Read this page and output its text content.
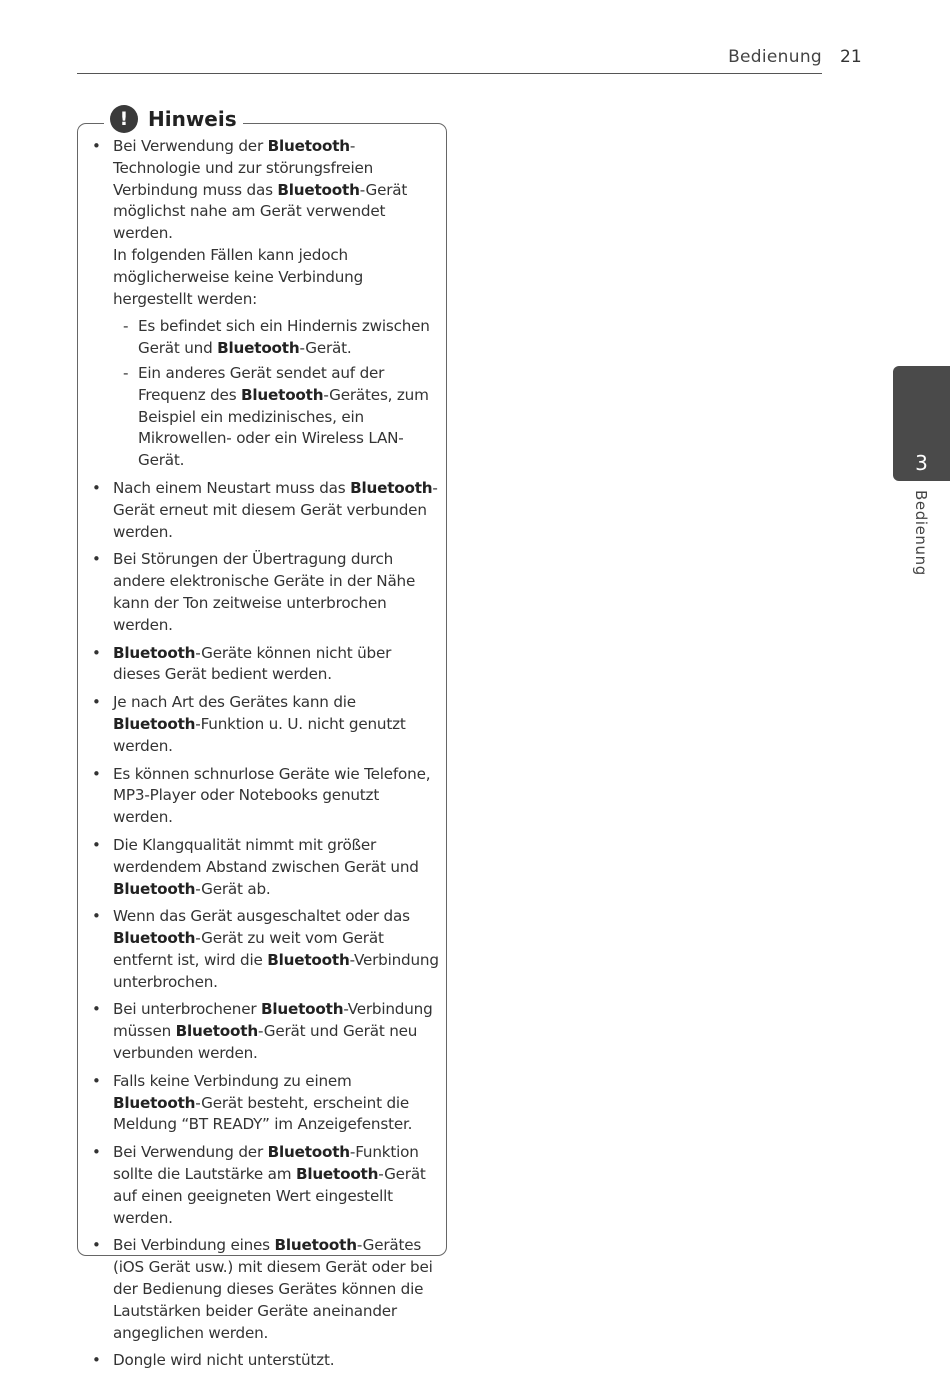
Bedienung 21
3
Bedienung
! Hinweis
• Bei Verwendung der Bluetooth-Technologie und zur störungsfreien Verbindung muss das Bluetooth-Gerät möglichst nahe am Gerät verwendet werden.

In folgenden Fällen kann jedoch möglicherweise keine Verbindung hergestellt werden:

- Es befindet sich ein Hindernis zwischen Gerät und Bluetooth-Gerät.
- Ein anderes Gerät sendet auf der Frequenz des Bluetooth-Gerätes, zum Beispiel ein medizinisches, ein Mikrowellen- oder ein Wireless LAN-Gerät.
• Nach einem Neustart muss das Bluetooth-Gerät erneut mit diesem Gerät verbunden werden.

• Bei Störungen der Übertragung durch andere elektronische Geräte in der Nähe kann der Ton zeitweise unterbrochen werden.

• Bluetooth-Geräte können nicht über dieses Gerät bedient werden.

• Je nach Art des Gerätes kann die Bluetooth-Funktion u. U. nicht genutzt werden.

• Es können schnurlose Geräte wie Telefone, MP3-Player oder Notebooks genutzt werden.

• Die Klangqualität nimmt mit größer werdendem Abstand zwischen Gerät und Bluetooth-Gerät ab.

• Wenn das Gerät ausgeschaltet oder das Bluetooth-Gerät zu weit vom Gerät entfernt ist, wird die Bluetooth-Verbindung unterbrochen.

• Bei unterbrochener Bluetooth-Verbindung müssen Bluetooth-Gerät und Gerät neu verbunden werden.

• Falls keine Verbindung zu einem Bluetooth-Gerät besteht, erscheint die Meldung “BT READY” im Anzeigefenster.

• Bei Verwendung der Bluetooth-Funktion sollte die Lautstärke am Bluetooth-Gerät auf einen geeigneten Wert eingestellt werden.

• Bei Verbindung eines Bluetooth-Gerätes (iOS Gerät usw.) mit diesem Gerät oder bei der Bedienung dieses Gerätes können die Lautstärken beider Geräte aneinander angeglichen werden.

• Dongle wird nicht unterstützt.
